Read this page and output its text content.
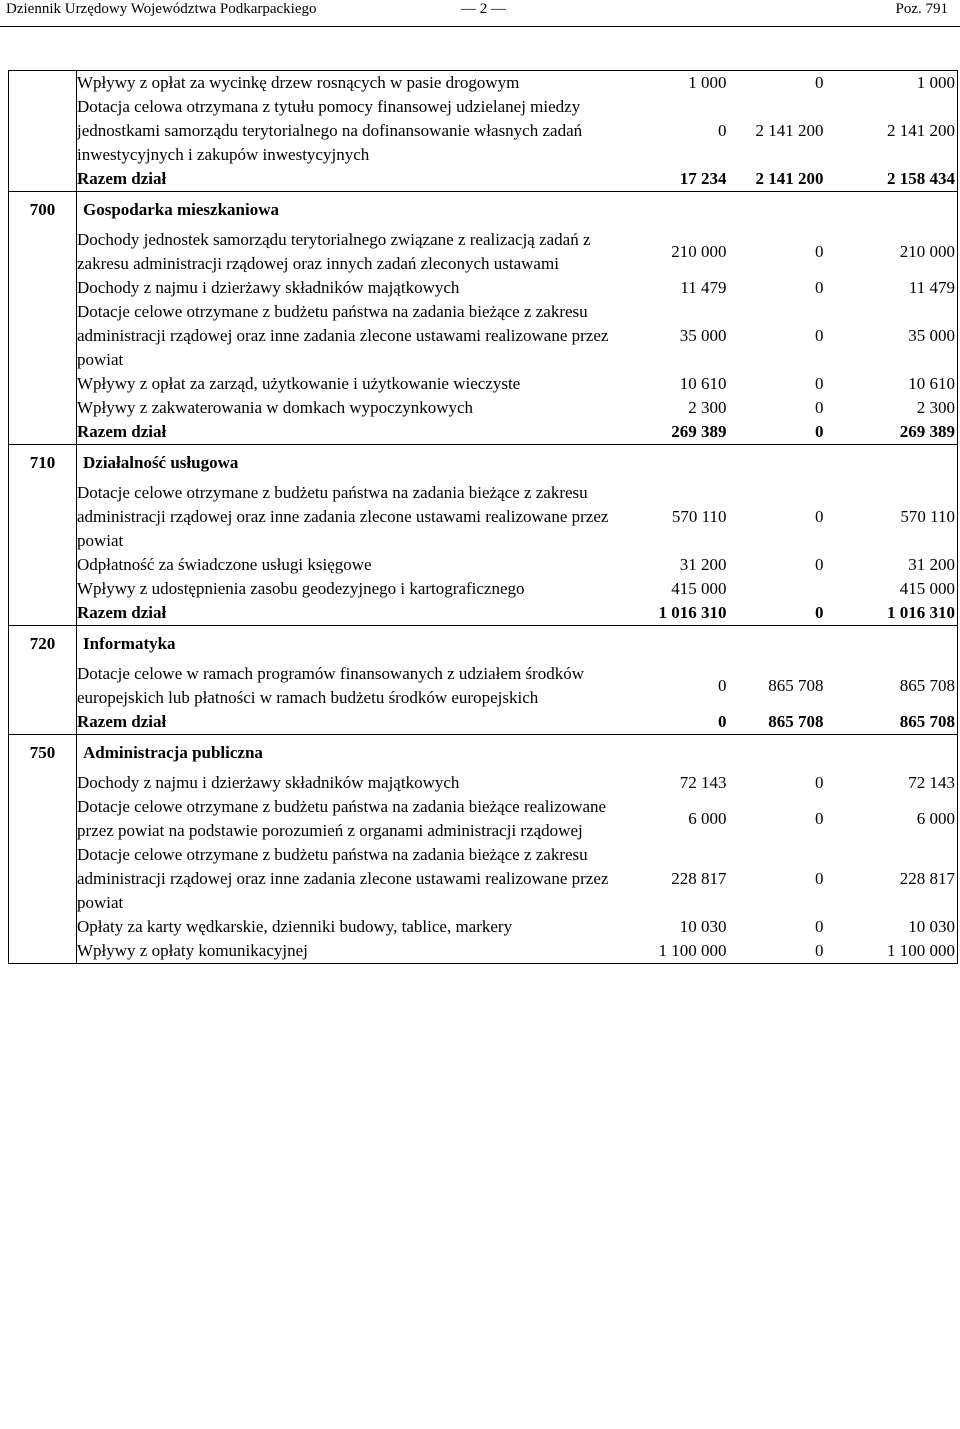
Dziennik Urzędowy Województwa Podkarpackiego	— 2 —	Poz. 791
	Wpływy z opłat za wycinkę drzew rosnących w pasie drogowym	1 000	0	1 000
	Dotacja celowa otrzymana z tytułu pomocy finansowej udzielanej miedzy jednostkami samorządu terytorialnego na dofinansowanie własnych zadań inwestycyjnych i zakupów inwestycyjnych	0	2 141 200	2 141 200
	Razem dział	17 234	2 141 200	2 158 434
700	Gospodarka mieszkaniowa			
	Dochody jednostek samorządu terytorialnego związane z realizacją zadań z zakresu administracji rządowej oraz innych zadań zleconych ustawami	210 000	0	210 000
	Dochody z najmu i dzierżawy składników majątkowych	11 479	0	11 479
	Dotacje celowe otrzymane z budżetu państwa na zadania bieżące z zakresu administracji rządowej oraz inne zadania zlecone ustawami realizowane przez powiat	35 000	0	35 000
	Wpływy z opłat za zarząd, użytkowanie i użytkowanie wieczyste	10 610	0	10 610
	Wpływy z zakwaterowania w domkach wypoczynkowych	2 300	0	2 300
	Razem dział	269 389	0	269 389
710	Działalność usługowa			
	Dotacje celowe otrzymane z budżetu państwa na zadania bieżące z zakresu administracji rządowej oraz inne zadania zlecone ustawami realizowane przez powiat	570 110	0	570 110
	Odpłatność za świadczone usługi księgowe	31 200	0	31 200
	Wpływy z udostępnienia zasobu geodezyjnego i kartograficznego	415 000		415 000
	Razem dział	1 016 310	0	1 016 310
720	Informatyka			
	Dotacje celowe w ramach programów finansowanych z udziałem środków europejskich lub płatności w ramach budżetu środków europejskich	0	865 708	865 708
	Razem dział	0	865 708	865 708
750	Administracja publiczna			
	Dochody z najmu i dzierżawy składników majątkowych	72 143	0	72 143
	Dotacje celowe otrzymane z budżetu państwa na zadania bieżące realizowane przez powiat na podstawie porozumień z organami administracji rządowej	6 000	0	6 000
	Dotacje celowe otrzymane z budżetu państwa na zadania bieżące z zakresu administracji rządowej oraz inne zadania zlecone ustawami realizowane przez powiat	228 817	0	228 817
	Opłaty za karty wędkarskie, dzienniki budowy, tablice, markery	10 030	0	10 030
	Wpływy z opłaty komunikacyjnej	1 100 000	0	1 100 000
